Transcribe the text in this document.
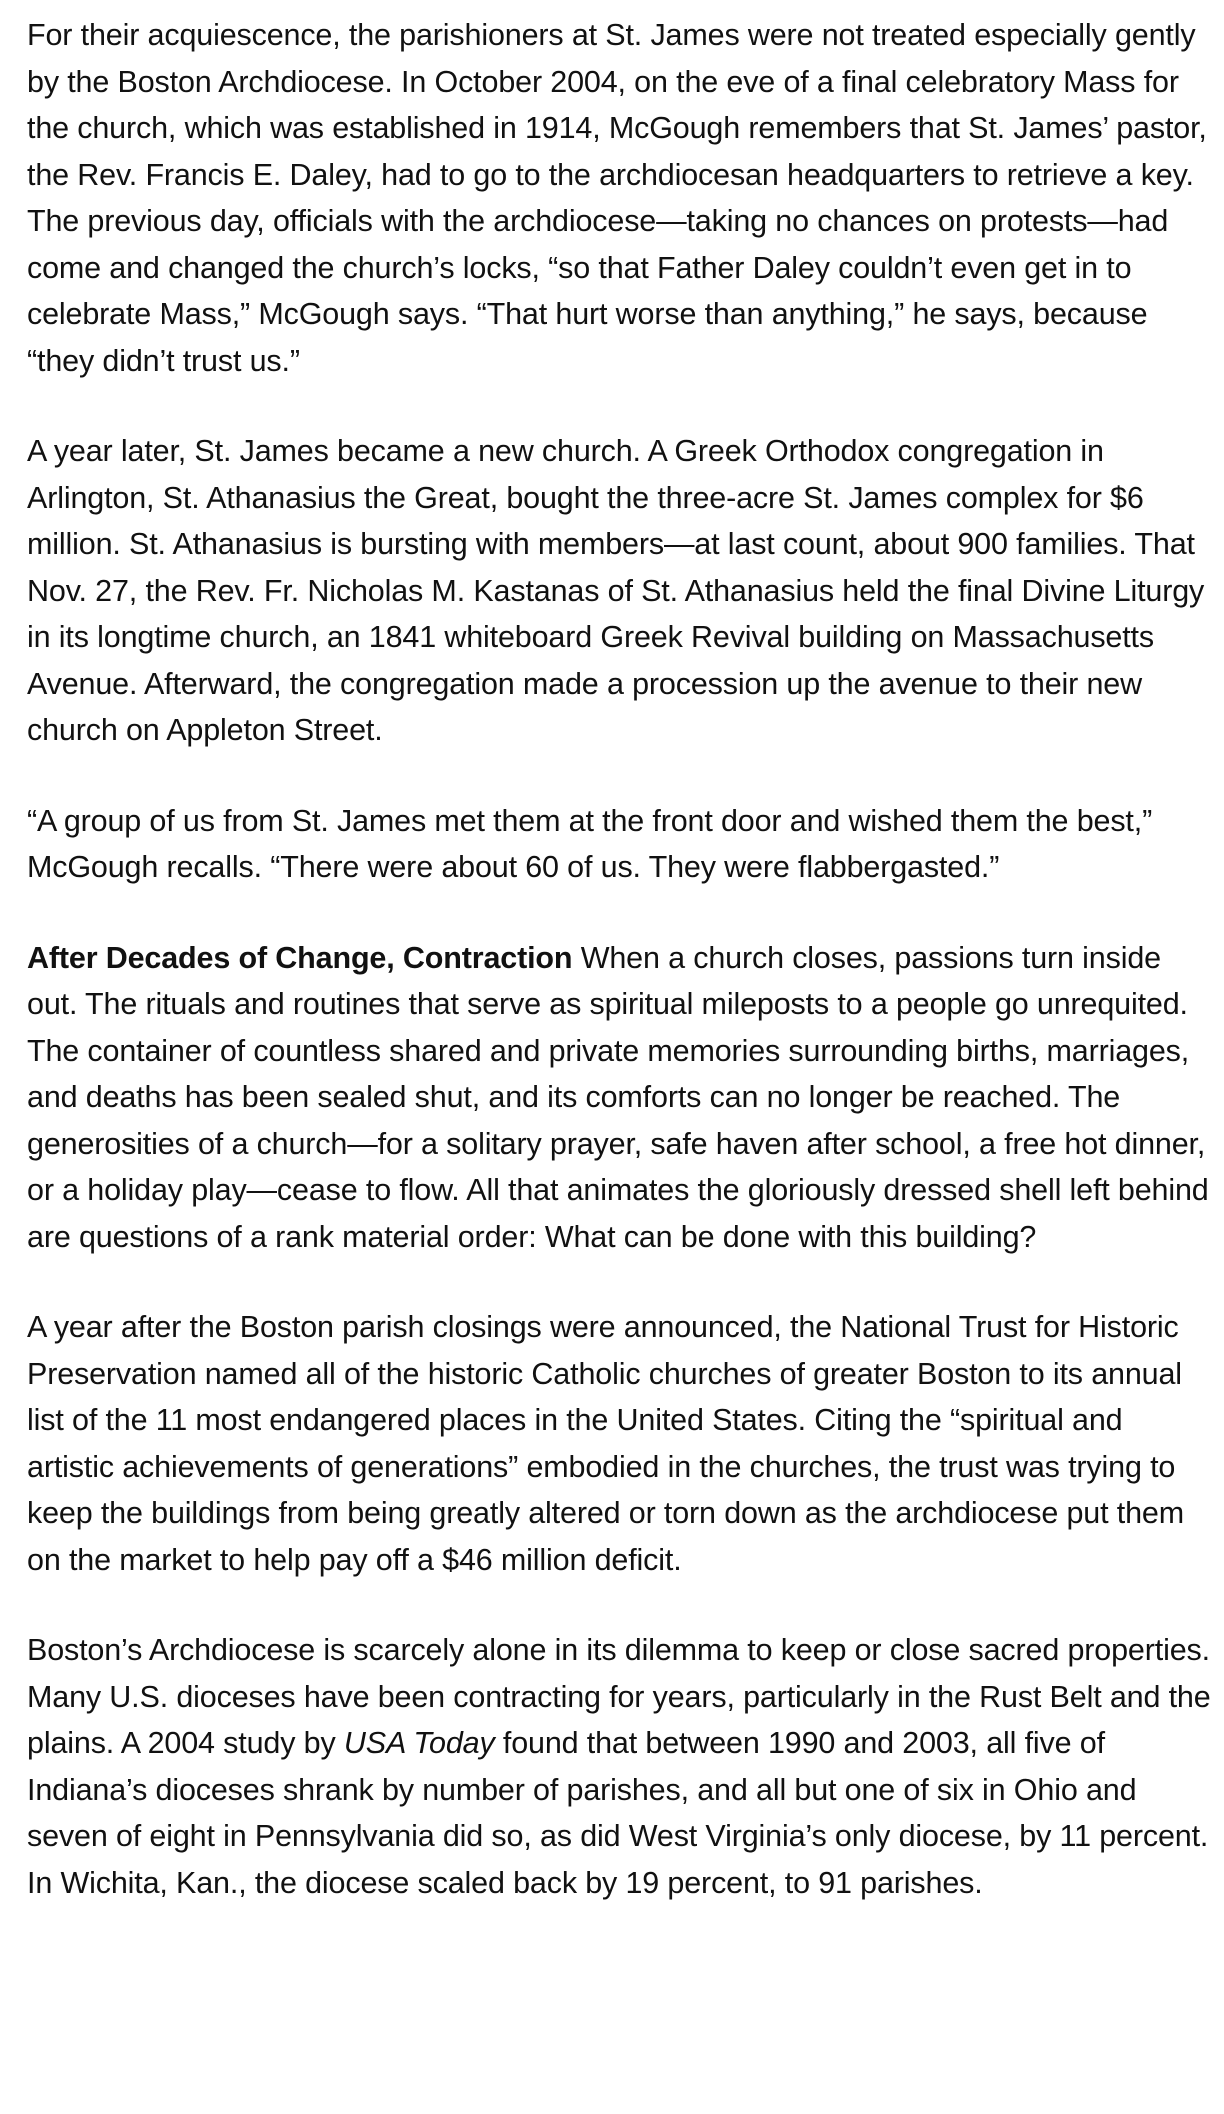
For their acquiescence, the parishioners at St. James were not treated especially gently by the Boston Archdiocese. In October 2004, on the eve of a final celebratory Mass for the church, which was established in 1914, McGough remembers that St. James’ pastor, the Rev. Francis E. Daley, had to go to the archdiocesan headquarters to retrieve a key. The previous day, officials with the archdiocese—taking no chances on protests—had come and changed the church’s locks, “so that Father Daley couldn’t even get in to celebrate Mass,” McGough says. “That hurt worse than anything,” he says, because “they didn’t trust us.”

A year later, St. James became a new church. A Greek Orthodox congregation in Arlington, St. Athanasius the Great, bought the three-acre St. James complex for $6 million. St. Athanasius is bursting with members—at last count, about 900 families. That Nov. 27, the Rev. Fr. Nicholas M. Kastanas of St. Athanasius held the final Divine Liturgy in its longtime church, an 1841 whiteboard Greek Revival building on Massachusetts Avenue. Afterward, the congregation made a procession up the avenue to their new church on Appleton Street.

“A group of us from St. James met them at the front door and wished them the best,” McGough recalls. “There were about 60 of us. They were flabbergasted.”

After Decades of Change, Contraction When a church closes, passions turn inside out. The rituals and routines that serve as spiritual mileposts to a people go unrequited. The container of countless shared and private memories surrounding births, marriages, and deaths has been sealed shut, and its comforts can no longer be reached. The generosities of a church—for a solitary prayer, safe haven after school, a free hot dinner, or a holiday play—cease to flow. All that animates the gloriously dressed shell left behind are questions of a rank material order: What can be done with this building?

A year after the Boston parish closings were announced, the National Trust for Historic Preservation named all of the historic Catholic churches of greater Boston to its annual list of the 11 most endangered places in the United States. Citing the “spiritual and artistic achievements of generations” embodied in the churches, the trust was trying to keep the buildings from being greatly altered or torn down as the archdiocese put them on the market to help pay off a $46 million deficit.

Boston’s Archdiocese is scarcely alone in its dilemma to keep or close sacred properties. Many U.S. dioceses have been contracting for years, particularly in the Rust Belt and the plains. A 2004 study by USA Today found that between 1990 and 2003, all five of Indiana’s dioceses shrank by number of parishes, and all but one of six in Ohio and seven of eight in Pennsylvania did so, as did West Virginia’s only diocese, by 11 percent. In Wichita, Kan., the diocese scaled back by 19 percent, to 91 parishes.
